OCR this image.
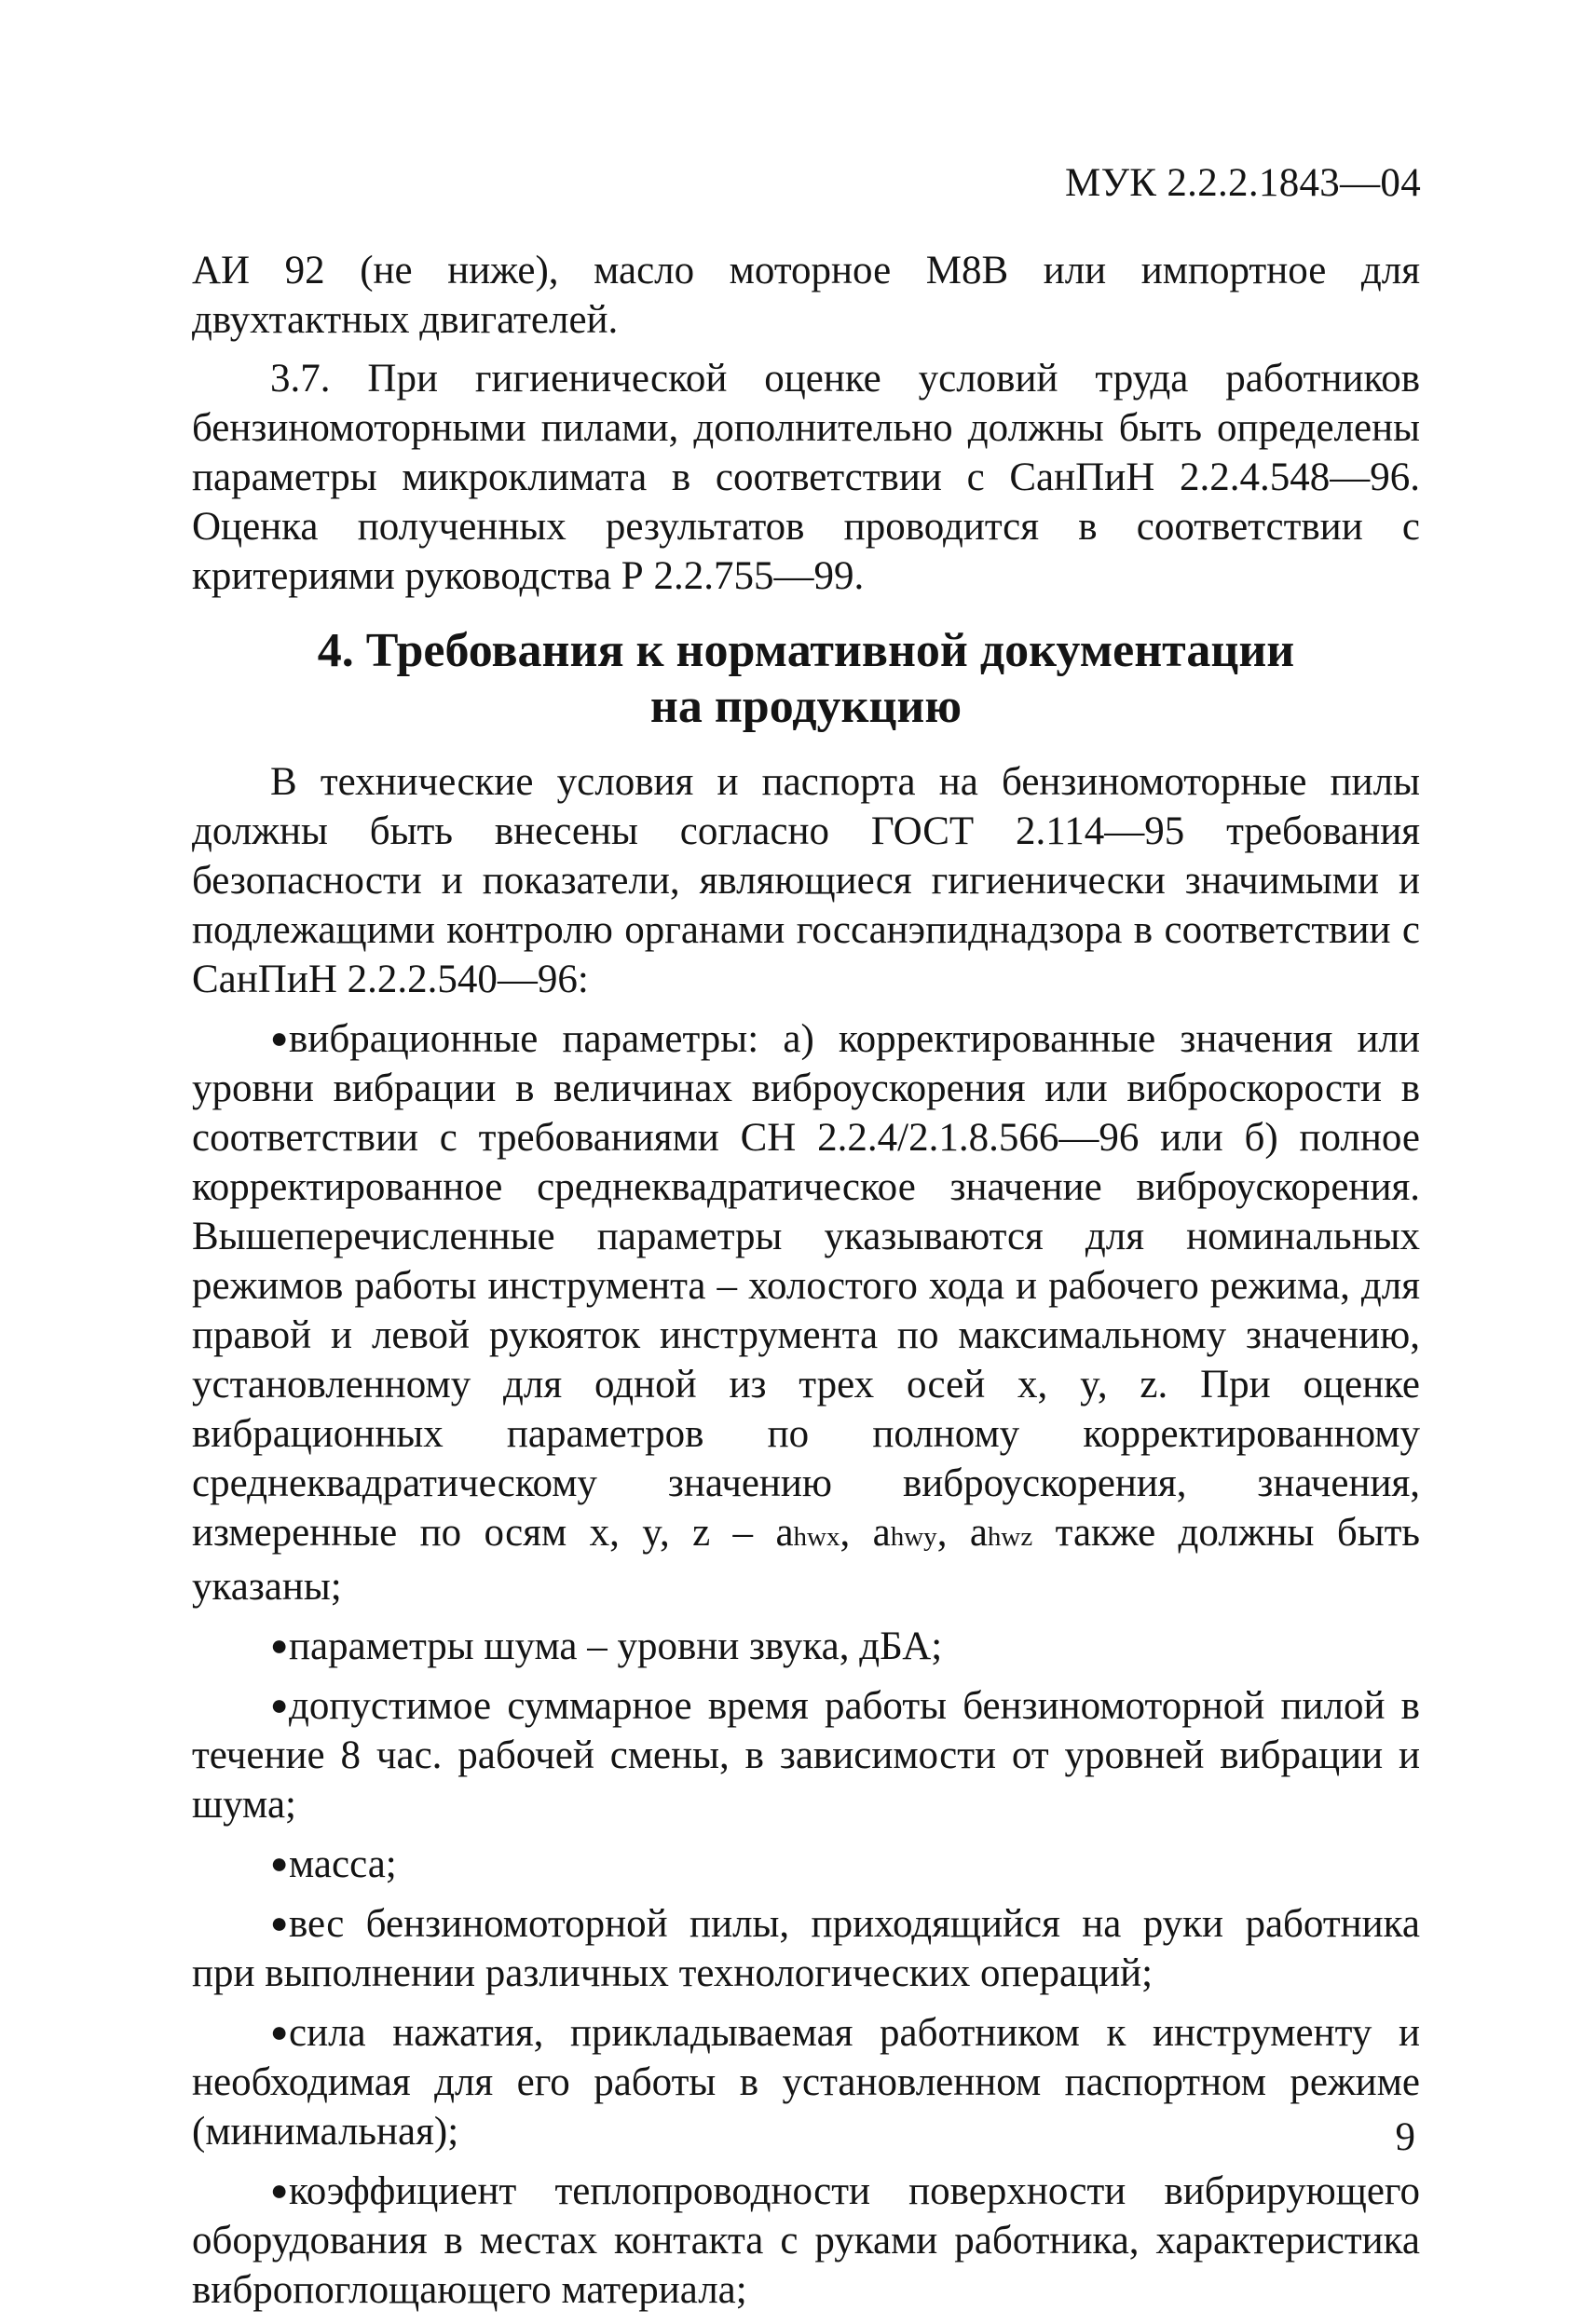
МУК 2.2.2.1843—04

АИ 92 (не ниже), масло моторное М8В или импортное для двухтактных двигателей.

3.7. При гигиенической оценке условий труда работников бензиномоторными пилами, дополнительно должны быть определены параметры микроклимата в соответствии с СанПиН 2.2.4.548—96. Оценка полученных результатов проводится в соответствии с критериями руководства Р 2.2.755—99.

4. Требования к нормативной документации
на продукцию

В технические условия и паспорта на бензиномоторные пилы должны быть внесены согласно ГОСТ 2.114—95 требования безопасности и показатели, являющиеся гигиенически значимыми и подлежащими контролю органами госсанэпиднадзора в соответствии с СанПиН 2.2.2.540—96:

●вибрационные параметры: а) корректированные значения или уровни вибрации в величинах виброускорения или виброскорости в соответствии с требованиями СН 2.2.4/2.1.8.566—96 или б) полное корректированное среднеквадратическое значение виброускорения. Вышеперечисленные параметры указываются для номинальных режимов работы инструмента – холостого хода и рабочего режима, для правой и левой рукояток инструмента по максимальному значению, установленному для одной из трех осей x, y, z. При оценке вибрационных параметров по полному корректированному среднеквадратическому значению виброускорения, значения, измеренные по осям x, y, z – ahwx, ahwy, ahwz также должны быть указаны;
●параметры шума – уровни звука, дБА;
●допустимое суммарное время работы бензиномоторной пилой в течение 8 час. рабочей смены, в зависимости от уровней вибрации и шума;
●масса;
●вес бензиномоторной пилы, приходящийся на руки работника при выполнении различных технологических операций;
●сила нажатия, прикладываемая работником к инструменту и необходимая для его работы в установленном паспортном режиме (минимальная);
●коэффициент теплопроводности поверхности вибрирующего оборудования в местах контакта с руками работника, характеристика вибропоглощающего материала;
9
